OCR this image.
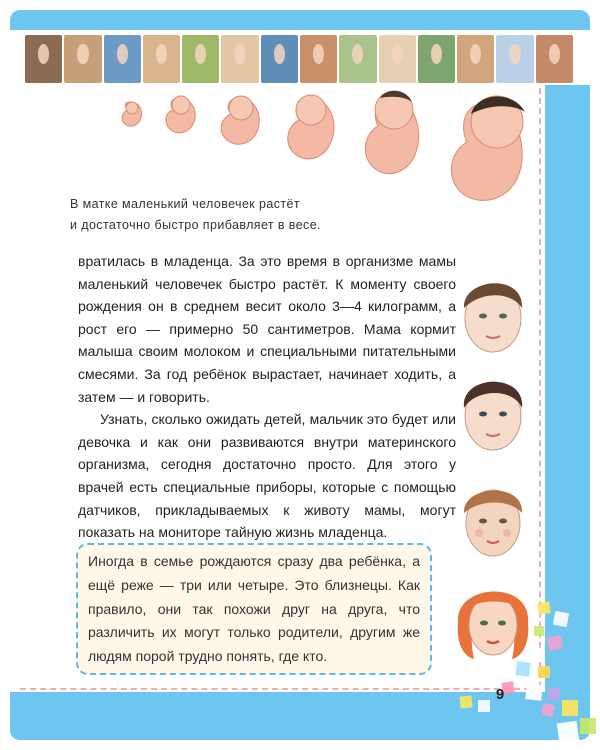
В матке маленький человечек растёт

и достаточно быстро прибавляет в весе.

вратилась в младенца. За это время в организме мамы маленький человечек быстро растёт. К моменту своего рождения он в среднем весит около 3—4 килограмм, а рост его — примерно 50 сантиметров. Мама кормит малыша своим молоком и специальными питательными смесями. За год ребёнок вырастает, начинает ходить, а затем — и говорить.

Узнать, сколько ожидать детей, мальчик это будет или девочка и как они развиваются внутри материнского организма, сегодня достаточно просто. Для этого у врачей есть специальные приборы, которые с помощью датчиков, прикладываемых к животу мамы, могут показать на мониторе тайную жизнь младенца.

Иногда в семье рождаются сразу два ребёнка, а ещё реже — три или четыре. Это близнецы. Как правило, они так похожи друг на друга, что различить их могут только родители, другим же людям порой трудно понять, где кто.

9
